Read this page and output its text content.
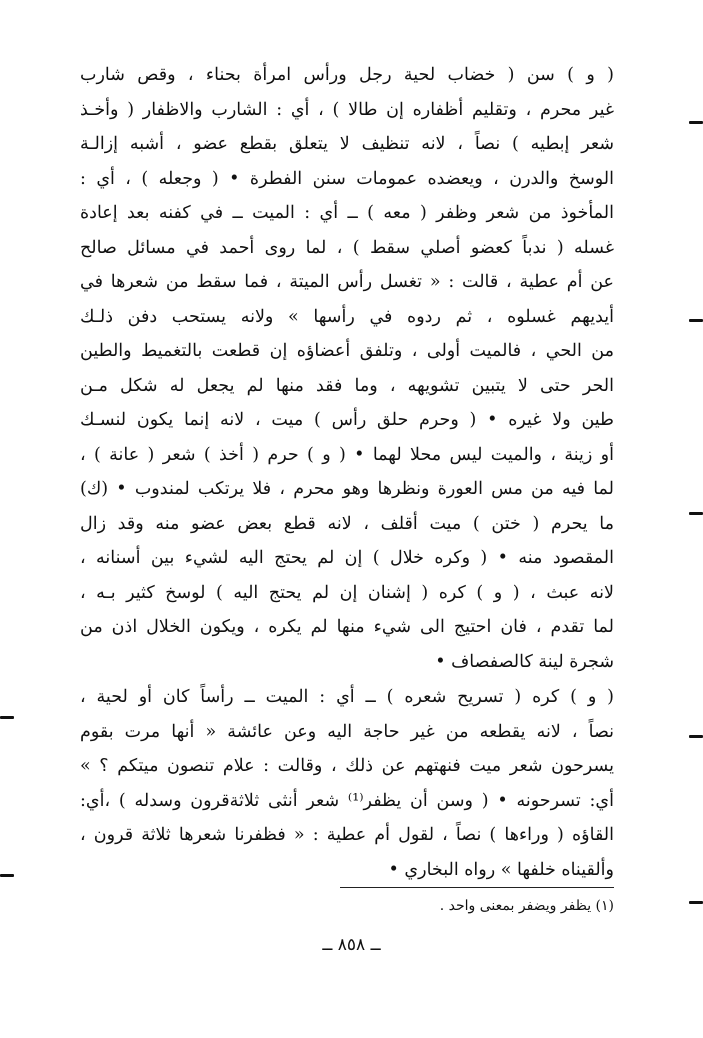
( و ) سن ( خضاب لحية رجل ورأس امرأة بحناء ، وقص شارب
غير محرم ، وتقليم أظفاره إن طالا ) ، أي : الشارب والاظفار ( وأخـذ
شعر إبطيه ) نصاً ، لانه تنظيف لا يتعلق بقطع عضو ، أشبه إزالـة
الوسخ والدرن ، ويعضده عمومات سنن الفطرة • ( وجعله ) ، أي :
المأخوذ من شعر وظفر ( معه ) ــ أي : الميت ــ في كفنه بعد إعادة
غسله ( ندباً كعضو أصلي سقط ) ، لما روى أحمد في مسائل صالح
عن أم عطية ، قالت : « تغسل رأس الميتة ، فما سقط من شعرها في
أيديهم غسلوه ، ثم ردوه في رأسها » ولانه يستحب دفن ذلـك
من الحي ، فالميت أولى ، وتلفق أعضاؤه إن قطعت بالتغميط والطين
الحر حتى لا يتبين تشويهه ، وما فقد منها لم يجعل له شكل مـن
طين ولا غيره • ( وحرم حلق رأس ) ميت ، لانه إنما يكون لنسـك
أو زينة ، والميت ليس محلا لهما • ( و ) حرم ( أخذ ) شعر ( عانة ) ،
لما فيه من مس العورة ونظرها وهو محرم ، فلا يرتكب لمندوب • (ك)
ما يحرم ( ختن ) ميت أقلف ، لانه قطع بعض عضو منه وقد زال
المقصود منه • ( وكره خلال ) إن لم يحتج اليه لشيء بين أسنانه ،
لانه عبث ، ( و ) كره ( إشنان إن لم يحتج اليه ) لوسخ كثير بـه ،
لما تقدم ، فان احتيج الى شيء منها لم يكره ، ويكون الخلال اذن من
شجرة لينة كالصفصاف •
( و ) كره ( تسريح شعره ) ــ أي : الميت ــ رأساً كان أو لحية ،
نصاً ، لانه يقطعه من غير حاجة اليه وعن عائشة « أنها مرت بقوم
يسرحون شعر ميت فنهتهم عن ذلك ، وقالت : علام تنصون ميتكم ؟ »
أي: تسرحونه • ( وسن أن يظفر⁽¹⁾ شعر أنثى ثلاثةقرون وسدله ) ،أي:
القاؤه ( وراءها ) نصاً ، لقول أم عطية : « فظفرنا شعرها ثلاثة قرون ،
وألقيناه خلفها » رواه البخاري •
(١) يظفر ويضفر بمعنى واحد .
ــ ٨٥٨ ــ
